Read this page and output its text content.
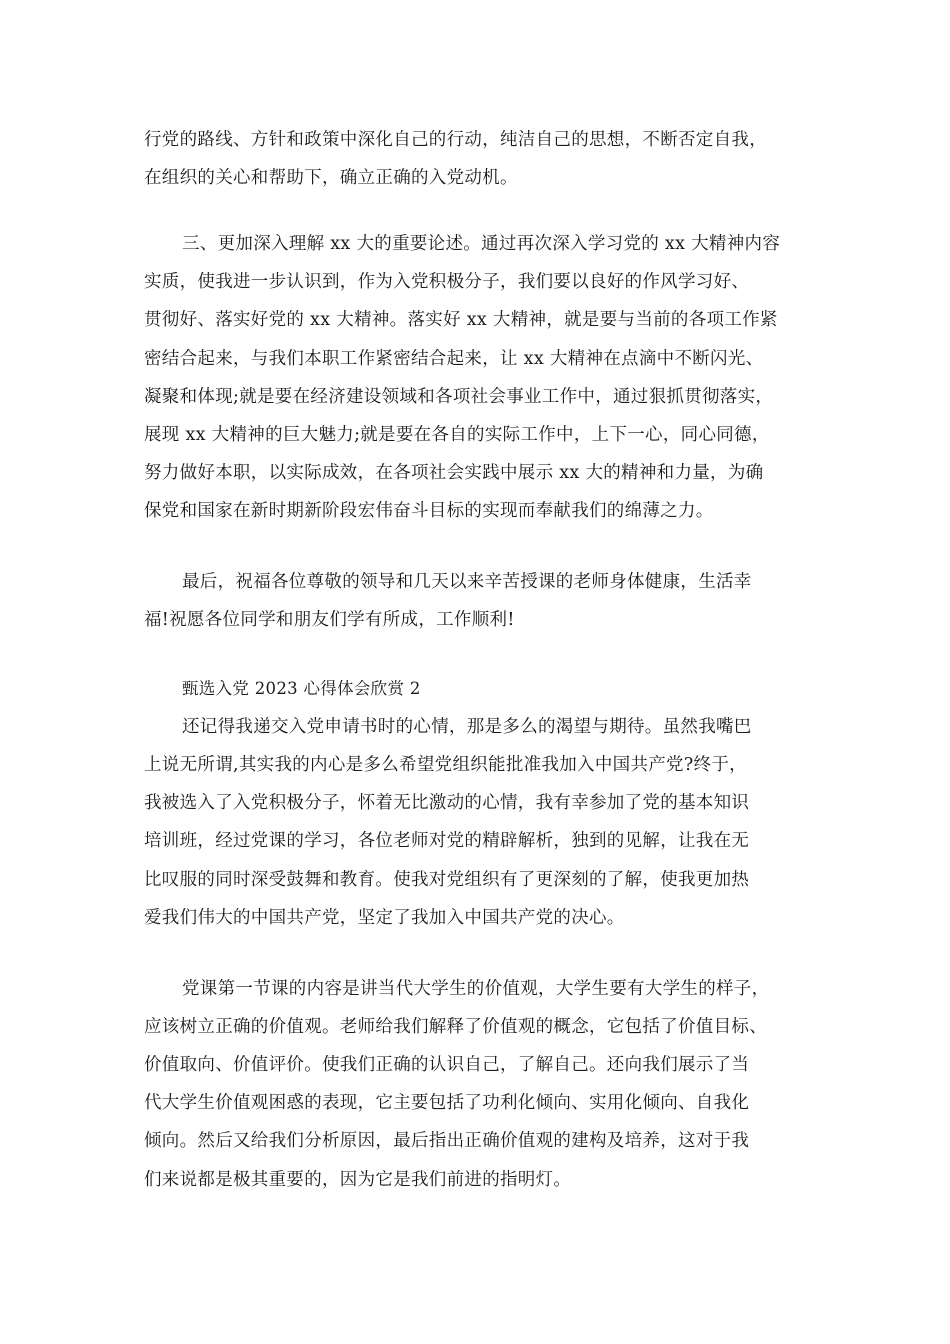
行党的路线、方针和政策中深化自己的行动，纯洁自己的思想，不断否定自我，
在组织的关心和帮助下，确立正确的入党动机。
三、更加深入理解 xx 大的重要论述。通过再次深入学习党的 xx 大精神内容
实质，使我进一步认识到，作为入党积极分子，我们要以良好的作风学习好、
贯彻好、落实好党的 xx 大精神。落实好 xx 大精神，就是要与当前的各项工作紧
密结合起来，与我们本职工作紧密结合起来，让 xx 大精神在点滴中不断闪光、
凝聚和体现;就是要在经济建设领域和各项社会事业工作中，通过狠抓贯彻落实，
展现 xx 大精神的巨大魅力;就是要在各自的实际工作中，上下一心，同心同德，
努力做好本职，以实际成效，在各项社会实践中展示 xx 大的精神和力量，为确
保党和国家在新时期新阶段宏伟奋斗目标的实现而奉献我们的绵薄之力。
最后，祝福各位尊敬的领导和几天以来辛苦授课的老师身体健康，生活幸
福!祝愿各位同学和朋友们学有所成，工作顺利!
甄选入党 2023 心得体会欣赏 2
还记得我递交入党申请书时的心情，那是多么的渴望与期待。虽然我嘴巴
上说无所谓,其实我的内心是多么希望党组织能批准我加入中国共产党?终于，
我被选入了入党积极分子，怀着无比激动的心情，我有幸参加了党的基本知识
培训班，经过党课的学习，各位老师对党的精辟解析，独到的见解，让我在无
比叹服的同时深受鼓舞和教育。使我对党组织有了更深刻的了解，使我更加热
爱我们伟大的中国共产党，坚定了我加入中国共产党的决心。
党课第一节课的内容是讲当代大学生的价值观，大学生要有大学生的样子，
应该树立正确的价值观。老师给我们解释了价值观的概念，它包括了价值目标、
价值取向、价值评价。使我们正确的认识自己，了解自己。还向我们展示了当
代大学生价值观困惑的表现，它主要包括了功利化倾向、实用化倾向、自我化
倾向。然后又给我们分析原因，最后指出正确价值观的建构及培养，这对于我
们来说都是极其重要的，因为它是我们前进的指明灯。
